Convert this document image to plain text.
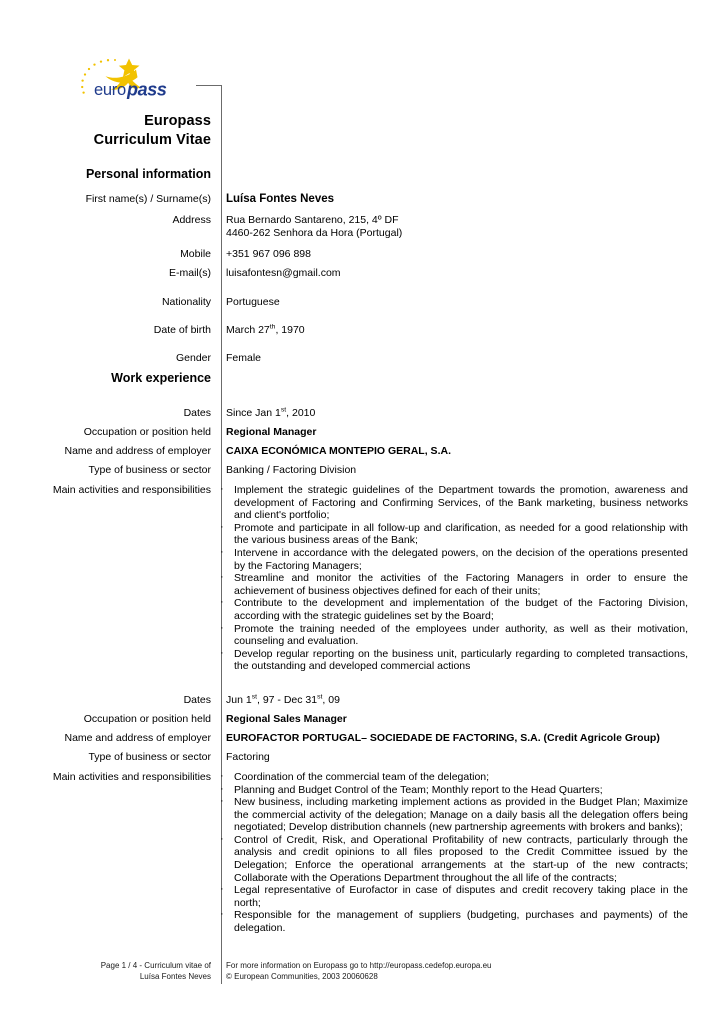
euro pass
Europass
Curriculum Vitae
Personal information
First name(s) / Surname(s)	Luísa Fontes Neves
Address	Rua Bernardo Santareno, 215, 4º DF
4460-262 Senhora da Hora (Portugal)
Mobile	+351 967 096 898
E-mail(s)	luisafontesn@gmail.com
Nationality	Portuguese
Date of birth	March 27th, 1970
Gender	Female
Work experience
Dates	Since Jan 1st, 2010
Occupation or position held	Regional Manager
Name and address of employer	CAIXA ECONÓMICA MONTEPIO GERAL, S.A.
Type of business or sector	Banking / Factoring Division
Main activities and responsibilities	· Implement the strategic guidelines of the Department towards the promotion, awareness and development of Factoring and Confirming Services, of the Bank marketing, business networks and client's portfolio;
· Promote and participate in all follow-up and clarification, as needed for a good relationship with the various business areas of the Bank;
· Intervene in accordance with the delegated powers, on the decision of the operations presented by the Factoring Managers;
· Streamline and monitor the activities of the Factoring Managers in order to ensure the achievement of business objectives defined for each of their units;
· Contribute to the development and implementation of the budget of the Factoring Division, according with the strategic guidelines set by the Board;
· Promote the training needed of the employees under authority, as well as their motivation, counseling and evaluation.
· Develop regular reporting on the business unit, particularly regarding to completed transactions, the outstanding and developed commercial actions
Dates	Jun 1st, 97 - Dec 31st, 09
Occupation or position held	Regional Sales Manager
Name and address of employer	EUROFACTOR PORTUGAL– SOCIEDADE DE FACTORING, S.A. (Credit Agricole Group)
Type of business or sector	Factoring
Main activities and responsibilities	· Coordination of the commercial team of the delegation;
· Planning and Budget Control of the Team; Monthly report to the Head Quarters;
· New business, including marketing implement actions as provided in the Budget Plan; Maximize the commercial activity of the delegation; Manage on a daily basis all the delegation offers being negotiated; Develop distribution channels (new partnership agreements with brokers and banks);
· Control of Credit, Risk, and Operational Profitability of new contracts, particularly through the analysis and credit opinions to all files proposed to the Credit Committee issued by the Delegation; Enforce the operational arrangements at the start-up of the new contracts; Collaborate with the Operations Department throughout the all life of the contracts;
· Legal representative of Eurofactor in case of disputes and credit recovery taking place in the north;
· Responsible for the management of suppliers (budgeting, purchases and payments) of the delegation.
Page 1 / 4 - Curriculum vitae of
Luísa Fontes Neves
For more information on Europass go to http://europass.cedefop.europa.eu
© European Communities, 2003 20060628
